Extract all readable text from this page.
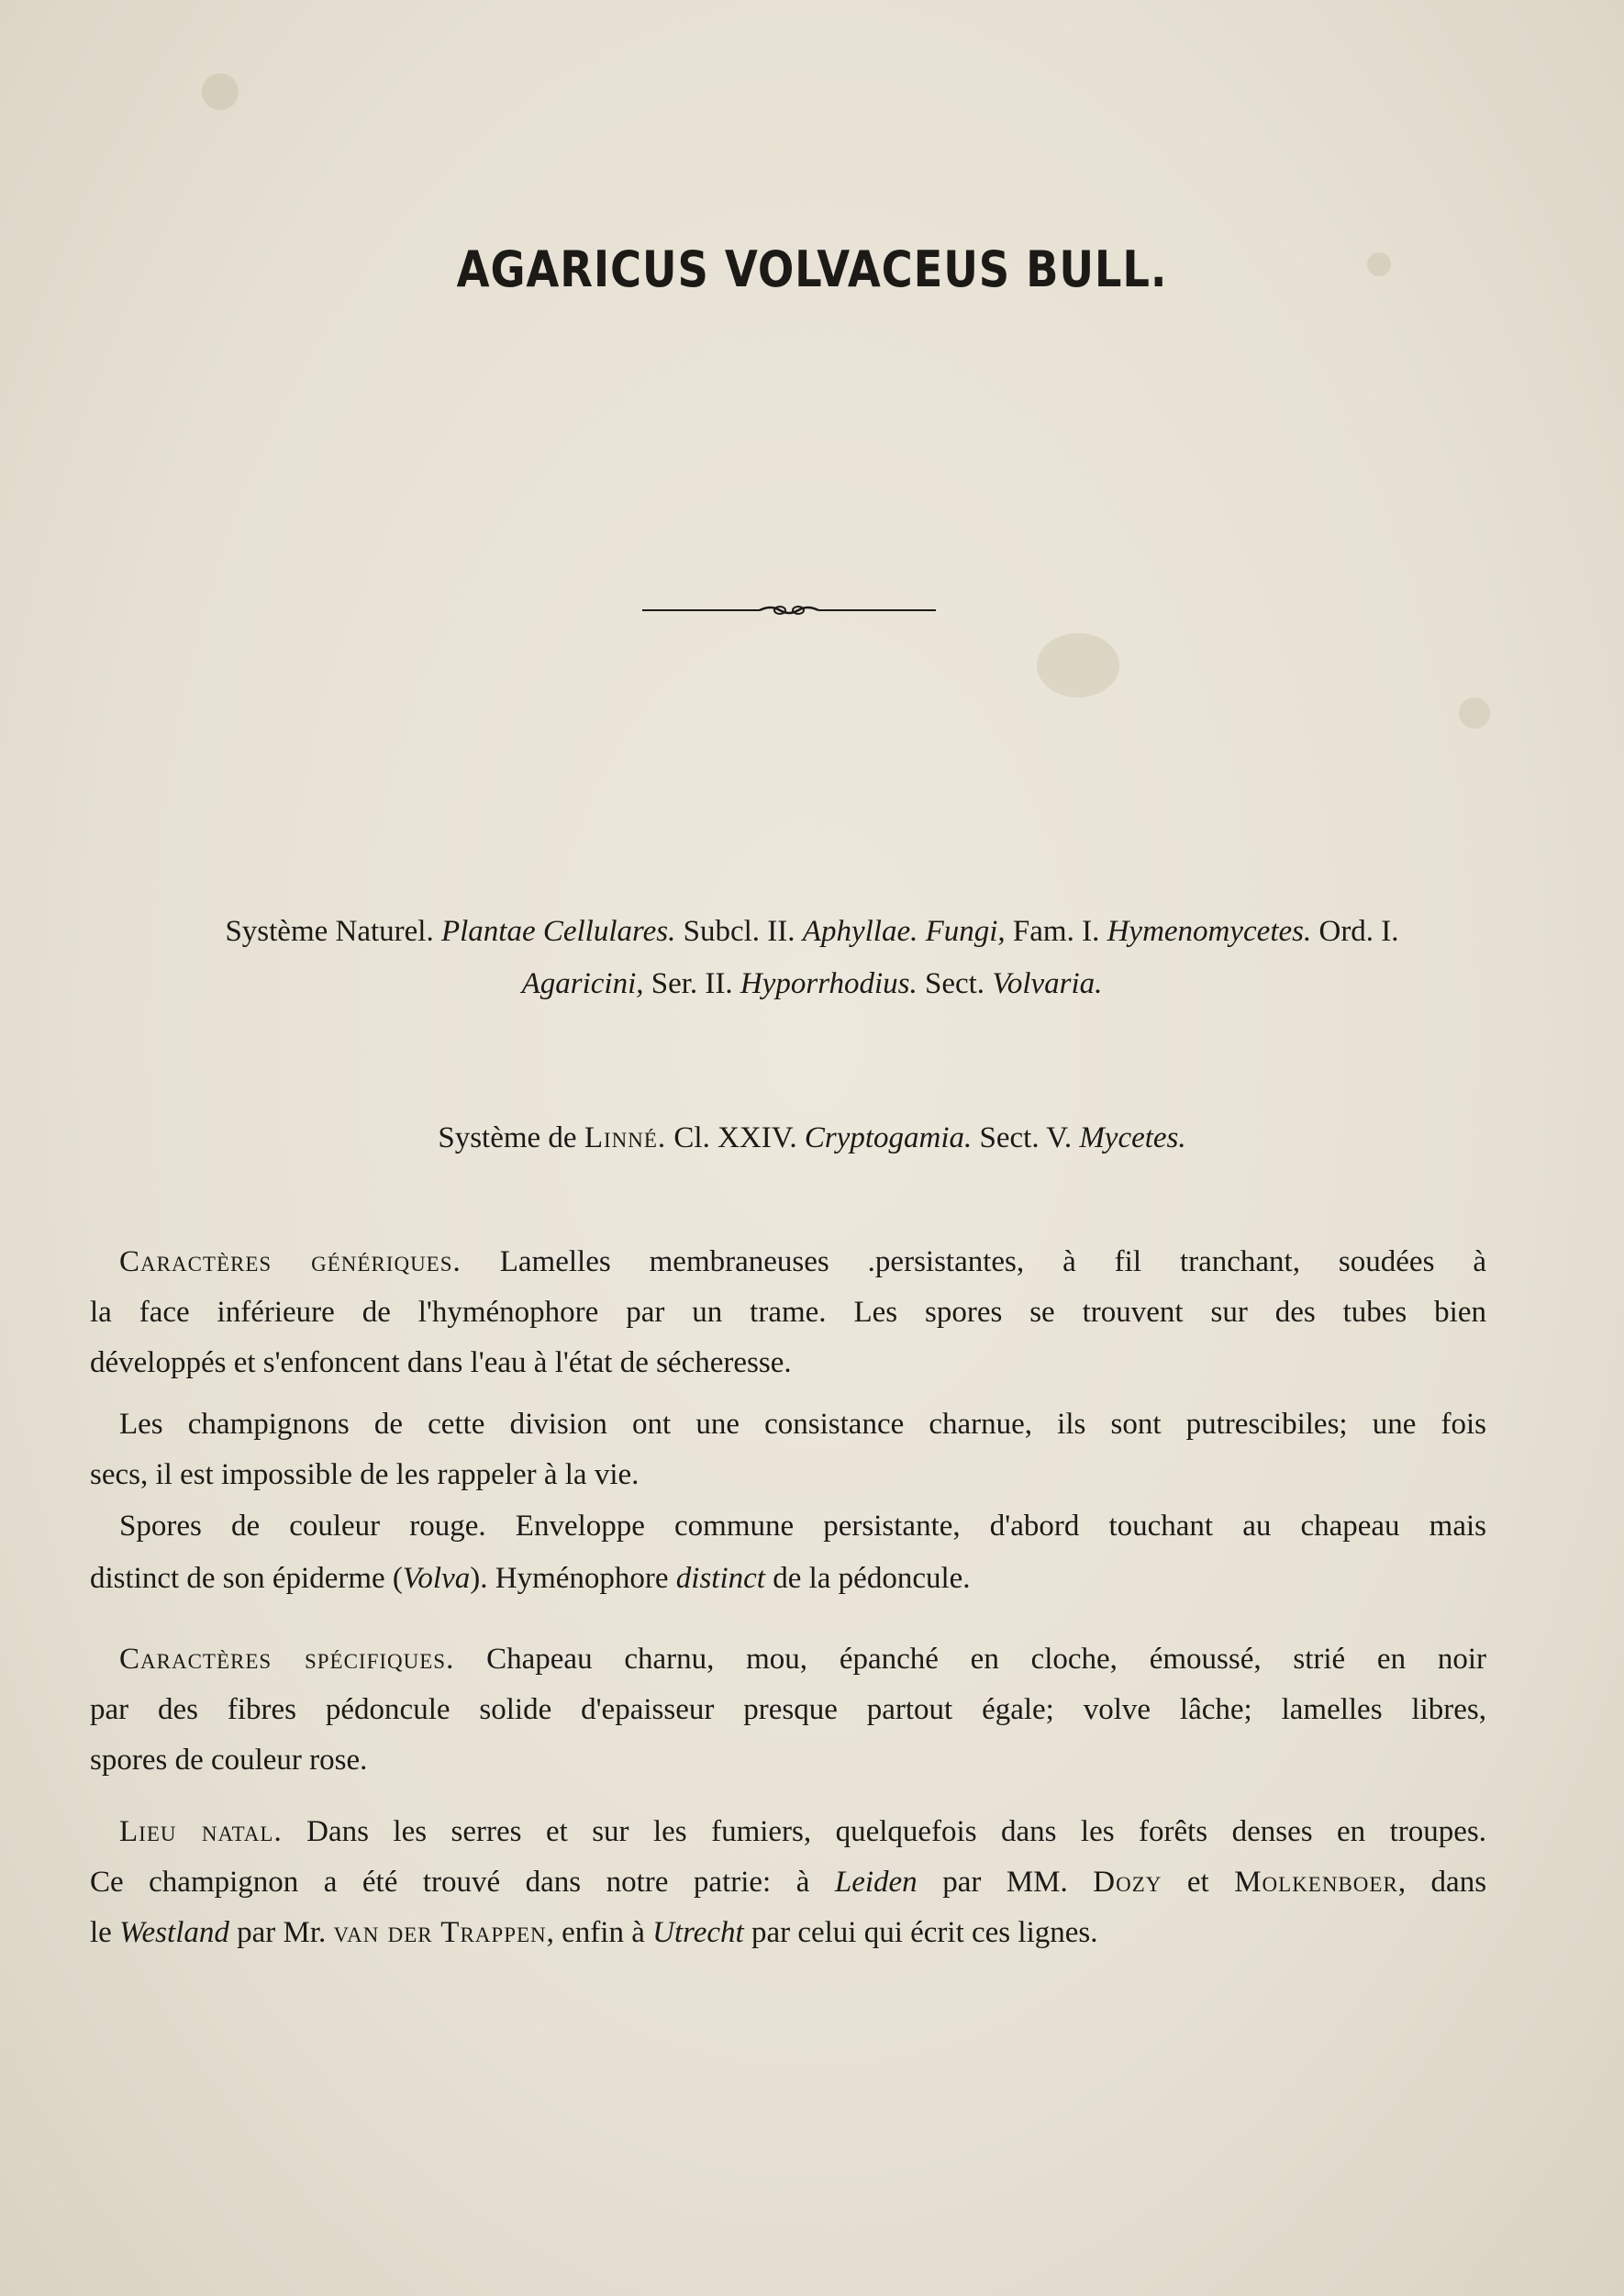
AGARICUS VOLVACEUS BULL.
Système Naturel. Plantae Cellulares. Subcl. II. Aphyllae. Fungi, Fam. I. Hymenomycetes. Ord. I.
Agaricini, Ser. II. Hyporrhodius. Sect. Volvaria.
Système de Linné. Cl. XXIV. Cryptogamia. Sect. V. Mycetes.
Caractères génériques. Lamelles membraneuses .persistantes, à fil tranchant, soudées à
la face inférieure de l'hyménophore par un trame. Les spores se trouvent sur des tubes bien
développés et s'enfoncent dans l'eau à l'état de sécheresse.
Les champignons de cette division ont une consistance charnue, ils sont putrescibiles; une fois
secs, il est impossible de les rappeler à la vie.
Spores de couleur rouge. Enveloppe commune persistante, d'abord touchant au chapeau mais
distinct de son épiderme (Volva). Hyménophore distinct de la pédoncule.
Caractères spécifiques. Chapeau charnu, mou, épanché en cloche, émoussé, strié en noir
par des fibres pédoncule solide d'epaisseur presque partout égale; volve lâche; lamelles libres,
spores de couleur rose.
Lieu natal. Dans les serres et sur les fumiers, quelquefois dans les forêts denses en troupes.
Ce champignon a été trouvé dans notre patrie: à Leiden par MM. Dozy et Molkenboer, dans
le Westland par Mr. van der Trappen, enfin à Utrecht par celui qui écrit ces lignes.
